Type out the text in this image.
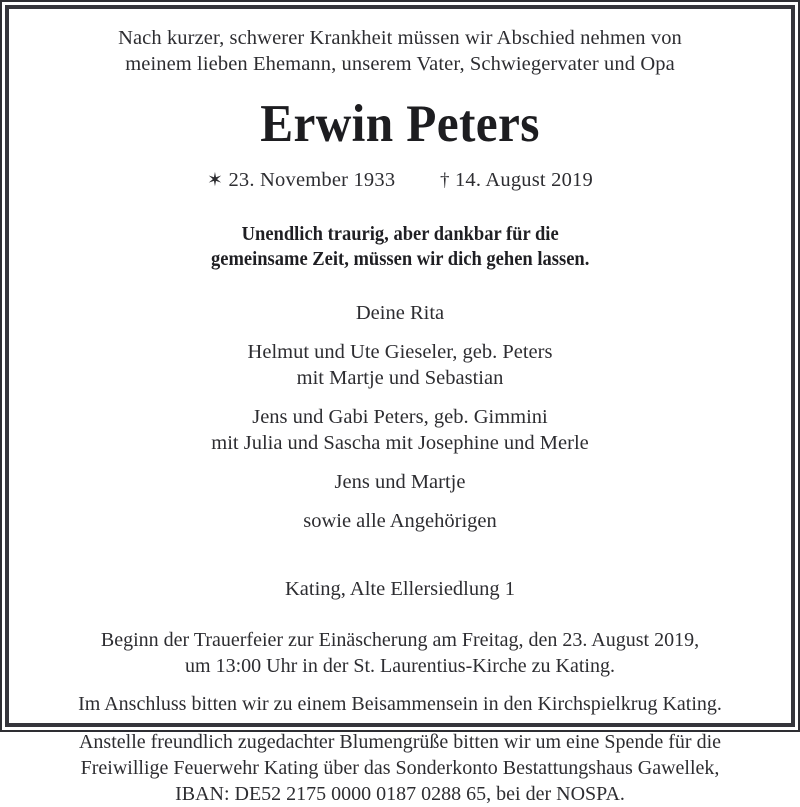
Nach kurzer, schwerer Krankheit müssen wir Abschied nehmen von
meinem lieben Ehemann, unserem Vater, Schwiegervater und Opa
Erwin Peters
✶ 23. November 1933 † 14. August 2019
Unendlich traurig, aber dankbar für die
gemeinsame Zeit, müssen wir dich gehen lassen.
Deine Rita
Helmut und Ute Gieseler, geb. Peters
mit Martje und Sebastian
Jens und Gabi Peters, geb. Gimmini
mit Julia und Sascha mit Josephine und Merle
Jens und Martje
sowie alle Angehörigen
Kating, Alte Ellersiedlung 1
Beginn der Trauerfeier zur Einäscherung am Freitag, den 23. August 2019,
um 13:00 Uhr in der St. Laurentius-Kirche zu Kating.
Im Anschluss bitten wir zu einem Beisammensein in den Kirchspielkrug Kating.
Anstelle freundlich zugedachter Blumengrüße bitten wir um eine Spende für die
Freiwillige Feuerwehr Kating über das Sonderkonto Bestattungshaus Gawellek,
IBAN: DE52 2175 0000 0187 0288 65, bei der NOSPA.
